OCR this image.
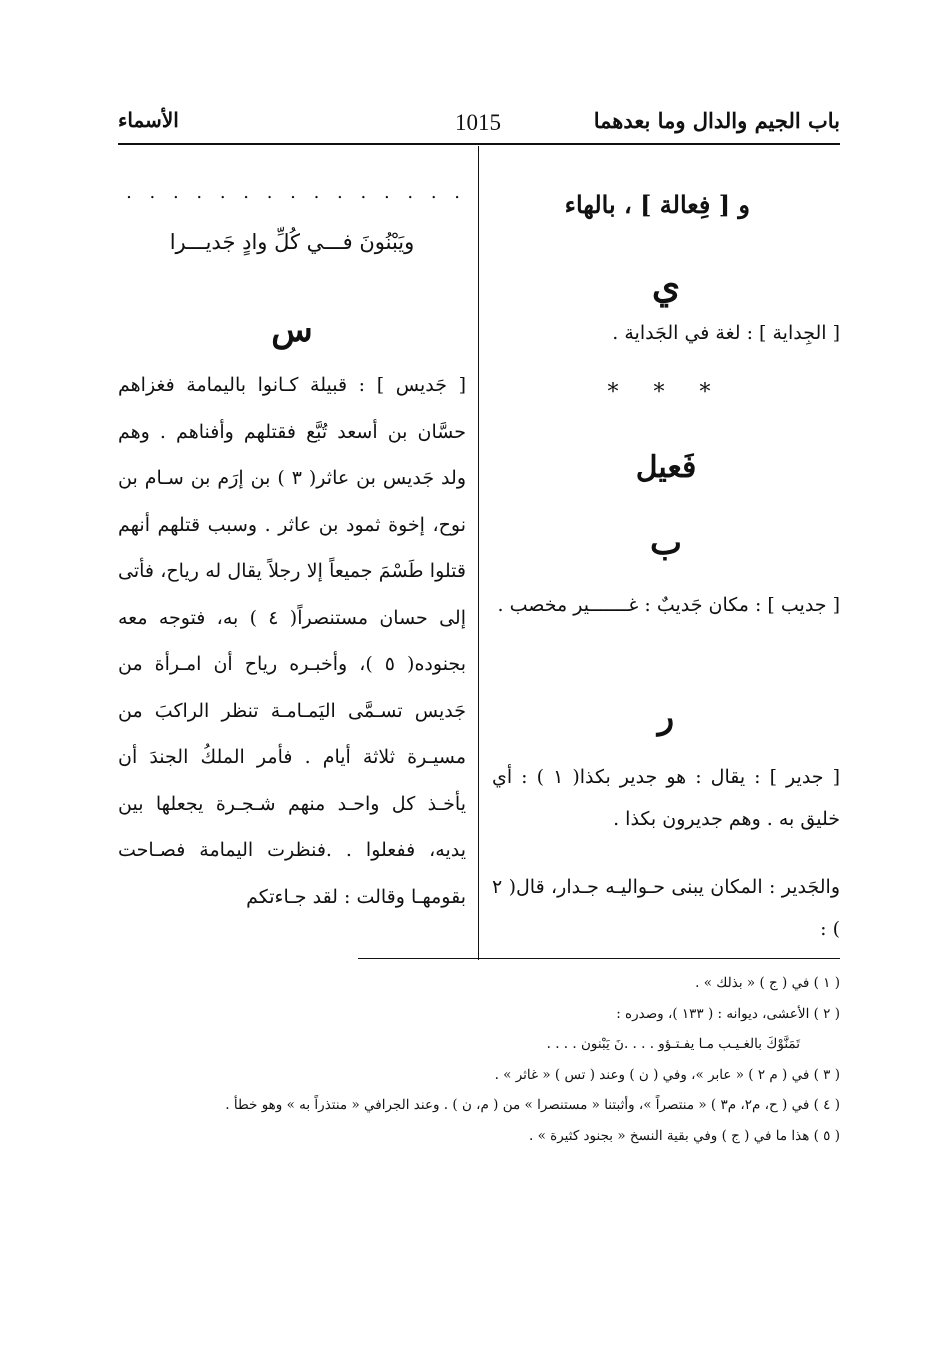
باب الجيم والدال وما بعدهما
1015
الأسماء
و [ فِعالة ] ، بالهاء
ي
[ الجِداية ] : لغة في الجَداية .
* * *
فَعيل
ب
[ جديب ] : مكان جَديبٌ : غـــــــير مخصب .
ر
[ جدير ] : يقال : هو جدير بكذا( ١ ) : أي خليق به . وهم جديرون بكذا .
والجَدير : المكان يبنى حـواليـه جـدار، قال( ٢ ) :
. . . . . . . . . . . . . . .
ويَبْنُونَ فـــي كُلِّ وادٍ جَديـــرا
س
[ جَديس ] : قبيلة كـانوا باليمامة فغزاهم حسَّان بن أسعد تُبَّع فقتلهم وأفناهم . وهم ولد جَديس بن عاثر( ٣ ) بن إرَم بن سـام بن نوح، إخوة ثمود بن عاثر . وسبب قتلهم أنهم قتلوا طَسْمَ جميعاً إلا رجلاً يقال له رياح، فأتى إلى حسان مستنصراً( ٤ ) به، فتوجه معه بجنوده( ٥ )، وأخبـره رياح أن امـرأة من جَديس تسـمَّى اليَمـامـة تنظر الراكبَ من مسيـرة ثلاثة أيام . فأمر الملكُ الجندَ أن يأخـذ كل واحـد منهم شـجـرة يجعلها بين يديه، ففعلوا . .فنظرت اليمامة فصـاحت بقومهـا وقالت : لقد جـاءتكم
( ١ ) في ( ج ) « بذلك » .
( ٢ ) الأعشى، ديوانه : ( ١٣٣ )، وصدره :
تَمَنَّوْكَ بالغـيـب مـا يفـتـؤو . . . .نَ يَبْنون . . . .
( ٣ ) في ( م ٢ ) « عابر »، وفي ( ن ) وعند ( تس ) « غاثر » .
( ٤ ) في ( ح، م٢، م٣ ) « منتصراً »، وأثبتنا « مستنصرا » من ( م، ن ) . وعند الجرافي « منتذراً به » وهو خطأ .
( ٥ ) هذا ما في ( ج ) وفي بقية النسخ « بجنود كثيرة » .
